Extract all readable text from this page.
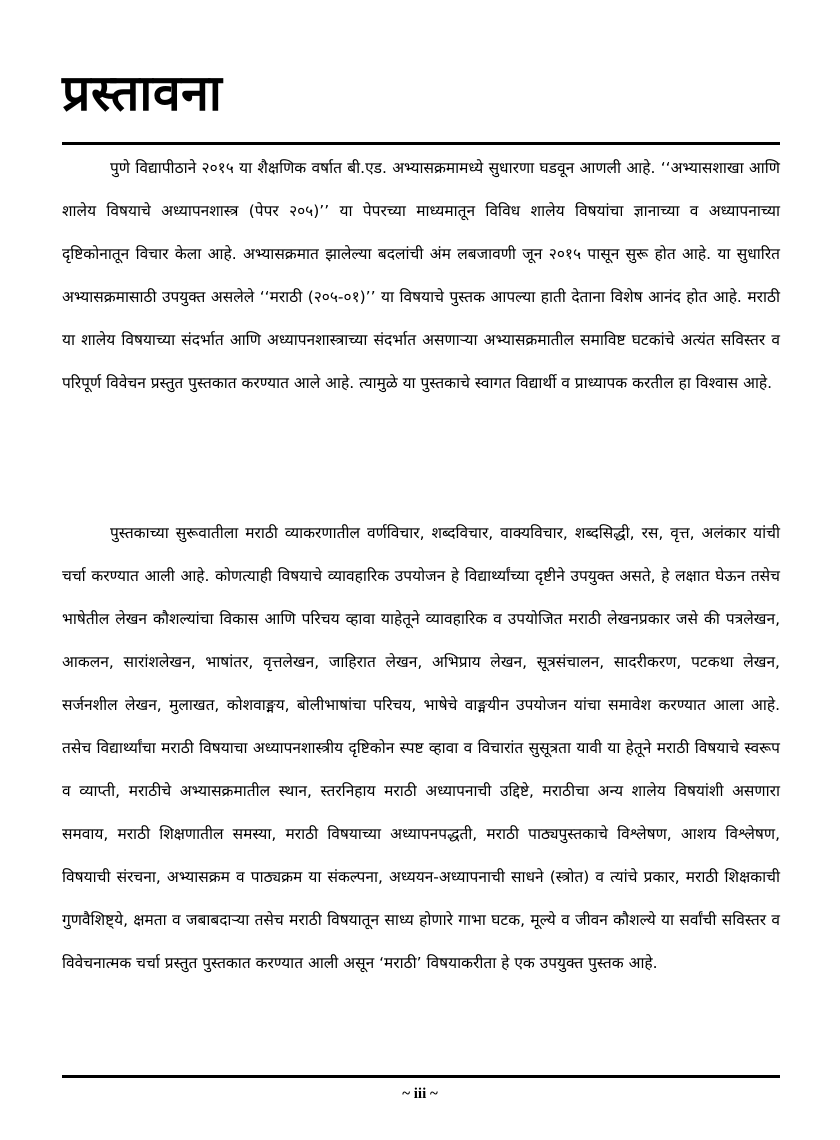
प्रस्तावना

पुणे विद्यापीठाने २०१५ या शैक्षणिक वर्षात बी.एड. अभ्यासक्रमामध्ये सुधारणा घडवून आणली आहे. ‘‘अभ्यासशाखा आणि शालेय विषयाचे अध्यापनशास्त्र (पेपर २०५)’’ या पेपरच्या माध्यमातून विविध शालेय विषयांचा ज्ञानाच्या व अध्यापनाच्या दृष्टिकोनातून विचार केला आहे. अभ्यासक्रमात झालेल्या बदलांची अंम लबजावणी जून २०१५ पासून सुरू होत आहे. या सुधारित अभ्यासक्रमासाठी उपयुक्त असलेले ‘‘मराठी (२०५-०१)’’ या विषयाचे पुस्तक आपल्या हाती देताना विशेष आनंद होत आहे. मराठी या शालेय विषयाच्या संदर्भात आणि अध्यापनशास्त्राच्या संदर्भात असणाऱ्या अभ्यासक्रमातील समाविष्ट घटकांचे अत्यंत सविस्तर व परिपूर्ण विवेचन प्रस्तुत पुस्तकात करण्यात आले आहे. त्यामुळे या पुस्तकाचे स्वागत विद्यार्थी व प्राध्यापक करतील हा विश्वास आहे.

पुस्तकाच्या सुरूवातीला मराठी व्याकरणातील वर्णविचार, शब्दविचार, वाक्यविचार, शब्दसिद्धी, रस, वृत्त, अलंकार यांची चर्चा करण्यात आली आहे. कोणत्याही विषयाचे व्यावहारिक उपयोजन हे विद्यार्थ्यांच्या दृष्टीने उपयुक्त असते, हे लक्षात घेऊन तसेच भाषेतील लेखन कौशल्यांचा विकास आणि परिचय व्हावा याहेतूने व्यावहारिक व उपयोजित मराठी लेखनप्रकार जसे की पत्रलेखन, आकलन, सारांशलेखन, भाषांतर, वृत्तलेखन, जाहिरात लेखन, अभिप्राय लेखन, सूत्रसंचालन, सादरीकरण, पटकथा लेखन, सर्जनशील लेखन, मुलाखत, कोशवाङ्मय, बोलीभाषांचा परिचय, भाषेचे वाङ्मयीन उपयोजन यांचा समावेश करण्यात आला आहे. तसेच विद्यार्थ्यांचा मराठी विषयाचा अध्यापनशास्त्रीय दृष्टिकोन स्पष्ट व्हावा व विचारांत सुसूत्रता यावी या हेतूने मराठी विषयाचे स्वरूप व व्याप्ती, मराठीचे अभ्यासक्रमातील स्थान, स्तरनिहाय मराठी अध्यापनाची उद्दिष्टे, मराठीचा अन्य शालेय विषयांशी असणारा समवाय, मराठी शिक्षणातील समस्या, मराठी विषयाच्या अध्यापनपद्धती, मराठी पाठ्यपुस्तकाचे विश्लेषण, आशय विश्लेषण, विषयाची संरचना, अभ्यासक्रम व पाठ्यक्रम या संकल्पना, अध्ययन-अध्यापनाची साधने (स्त्रोत) व त्यांचे प्रकार, मराठी शिक्षकाची गुणवैशिष्ट्ये, क्षमता व जबाबदाऱ्या तसेच मराठी विषयातून साध्य होणारे गाभा घटक, मूल्ये व जीवन कौशल्ये या सर्वांची सविस्तर व विवेचनात्मक चर्चा प्रस्तुत पुस्तकात करण्यात आली असून ‘मराठी’ विषयाकरीता हे एक उपयुक्त पुस्तक आहे.

~ iii ~
